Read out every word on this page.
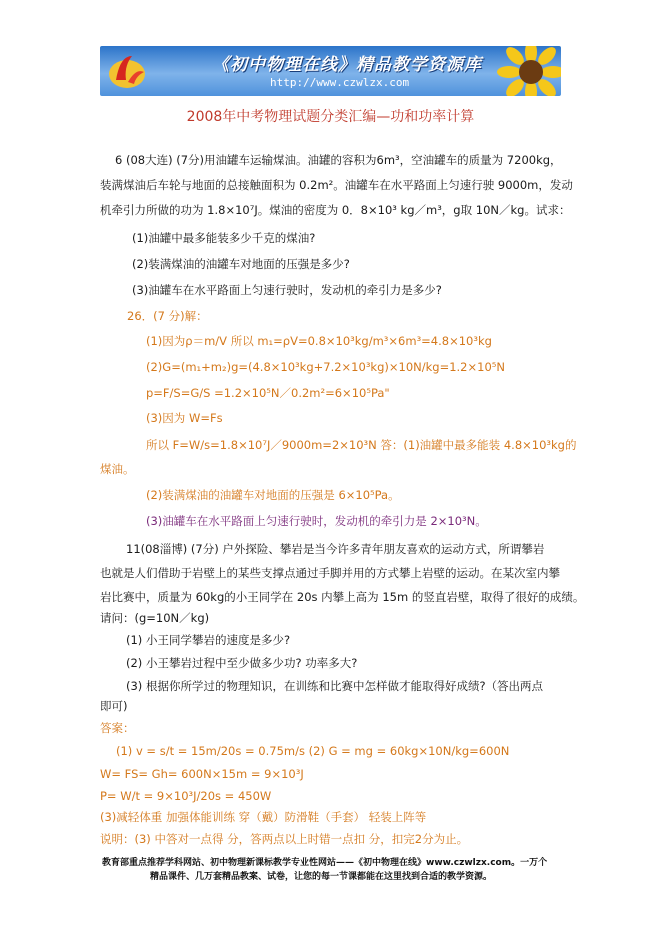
《初中物理在线》精品教学资源库
http://www.czwlzx.com
2008年中考物理试题分类汇编—功和功率计算
6 (08大连) (7分)用油罐车运输煤油。油罐的容积为6m³，空油罐车的质量为 7200kg，
装满煤油后车轮与地面的总接触面积为 0.2m²。油罐车在水平路面上匀速行驶 9000m，发动
机牵引力所做的功为 1.8×10⁷J。煤油的密度为 0．8×10³ kg／m³，g取 10N／kg。试求：
(1)油罐中最多能装多少千克的煤油?
(2)装满煤油的油罐车对地面的压强是多少?
(3)油罐车在水平路面上匀速行驶时，发动机的牵引力是多少?
26．(7 分)解：
(1)因为ρ＝m/V 所以 m₁=ρV=0.8×10³kg/m³×6m³=4.8×10³kg
(2)G=(m₁+m₂)g=(4.8×10³kg+7.2×10³kg)×10N/kg=1.2×10⁵N
p=F/S=G/S =1.2×10⁵N／0.2m²=6×10⁵Pa"
(3)因为 W=Fs
所以 F=W/s=1.8×10⁷J／9000m=2×10³N 答：(1)油罐中最多能装 4.8×10³kg的
煤油。
(2)装满煤油的油罐车对地面的压强是 6×10⁵Pa。
(3)油罐车在水平路面上匀速行驶时，发动机的牵引力是 2×10³N。
11(08淄博) (7分) 户外探险、攀岩是当今许多青年朋友喜欢的运动方式，所谓攀岩
也就是人们借助于岩壁上的某些支撑点通过手脚并用的方式攀上岩壁的运动。在某次室内攀
岩比赛中，质量为 60kg的小王同学在 20s 内攀上高为 15m 的竖直岩壁，取得了很好的成绩。
请问：(g=10N／kg)
(1) 小王同学攀岩的速度是多少?
(2) 小王攀岩过程中至少做多少功? 功率多大?
(3) 根据你所学过的物理知识，在训练和比赛中怎样做才能取得好成绩?（答出两点
即可)
答案：
(1) v = s/t = 15m/20s = 0.75m/s (2) G = mg = 60kg×10N/kg=600N
W= FS= Gh= 600N×15m = 9×10³J
P= W/t = 9×10³J/20s = 450W
(3)减轻体重 加强体能训练 穿（戴）防滑鞋（手套） 轻装上阵等
说明：(3) 中答对一点得 分，答两点以上时错一点扣 分，扣完2分为止。
教育部重点推荐学科网站、初中物理新课标教学专业性网站——《初中物理在线》www.czwlzx.com。一万个
精品课件、几万套精品教案、试卷，让您的每一节课都能在这里找到合适的教学资源。
